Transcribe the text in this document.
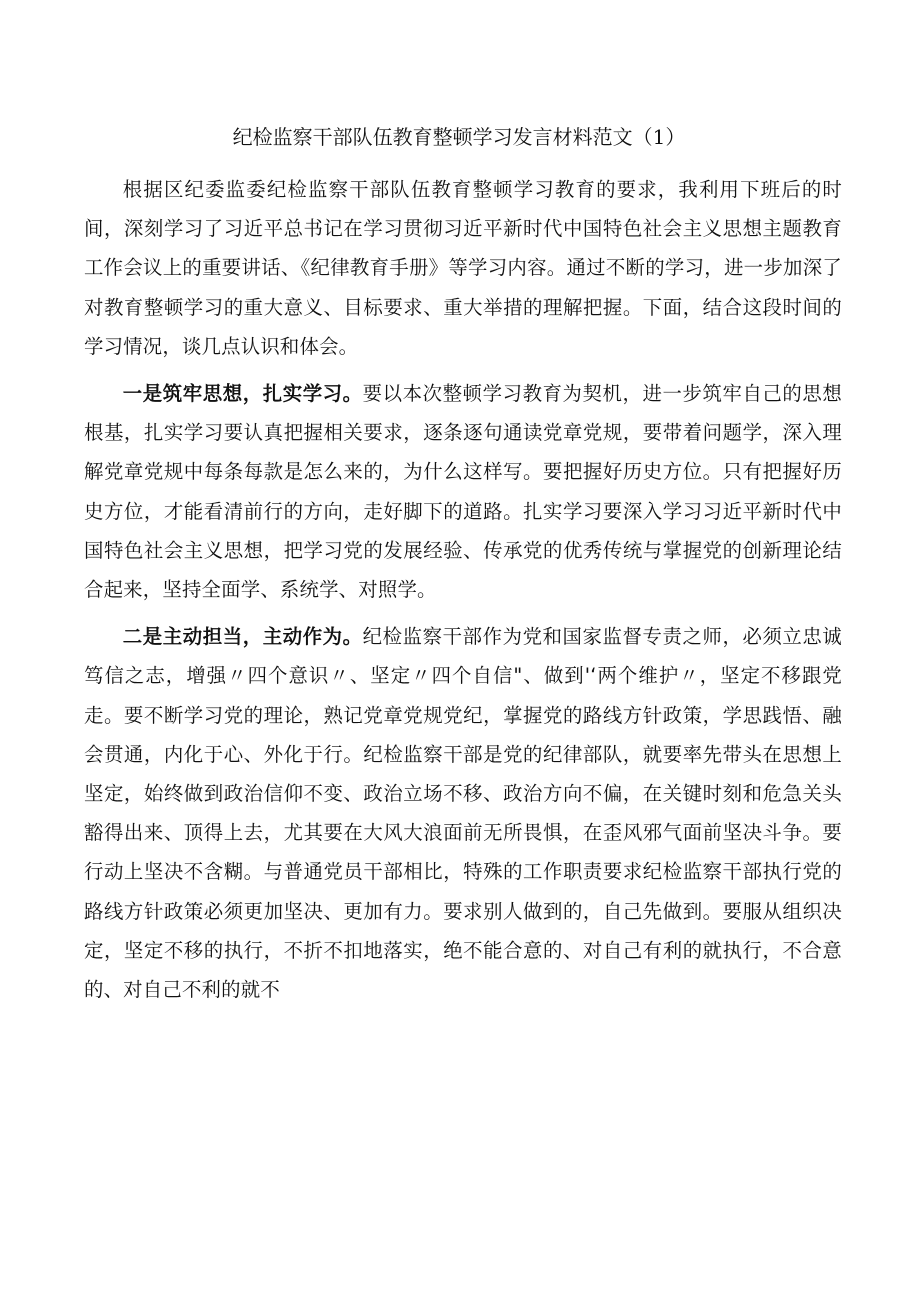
纪检监察干部队伍教育整顿学习发言材料范文（1）

根据区纪委监委纪检监察干部队伍教育整顿学习教育的要求，我利用下班后的时间，深刻学习了习近平总书记在学习贯彻习近平新时代中国特色社会主义思想主题教育工作会议上的重要讲话、《纪律教育手册》等学习内容。通过不断的学习，进一步加深了对教育整顿学习的重大意义、目标要求、重大举措的理解把握。下面，结合这段时间的学习情况，谈几点认识和体会。

一是筑牢思想，扎实学习。要以本次整顿学习教育为契机，进一步筑牢自己的思想根基，扎实学习要认真把握相关要求，逐条逐句通读党章党规，要带着问题学，深入理解党章党规中每条每款是怎么来的，为什么这样写。要把握好历史方位。只有把握好历史方位，才能看清前行的方向，走好脚下的道路。扎实学习要深入学习习近平新时代中国特色社会主义思想，把学习党的发展经验、传承党的优秀传统与掌握党的创新理论结合起来，坚持全面学、系统学、对照学。

二是主动担当，主动作为。纪检监察干部作为党和国家监督专责之师，必须立忠诚笃信之志，增强〃四个意识〃、坚定〃四个自信"、做到'‘两个维护〃，坚定不移跟党走。要不断学习党的理论，熟记党章党规党纪，掌握党的路线方针政策，学思践悟、融会贯通，内化于心、外化于行。纪检监察干部是党的纪律部队，就要率先带头在思想上坚定，始终做到政治信仰不变、政治立场不移、政治方向不偏，在关键时刻和危急关头豁得出来、顶得上去，尤其要在大风大浪面前无所畏惧，在歪风邪气面前坚决斗争。要行动上坚决不含糊。与普通党员干部相比，特殊的工作职责要求纪检监察干部执行党的路线方针政策必须更加坚决、更加有力。要求别人做到的，自己先做到。要服从组织决定，坚定不移的执行，不折不扣地落实，绝不能合意的、对自己有利的就执行，不合意的、对自己不利的就不
